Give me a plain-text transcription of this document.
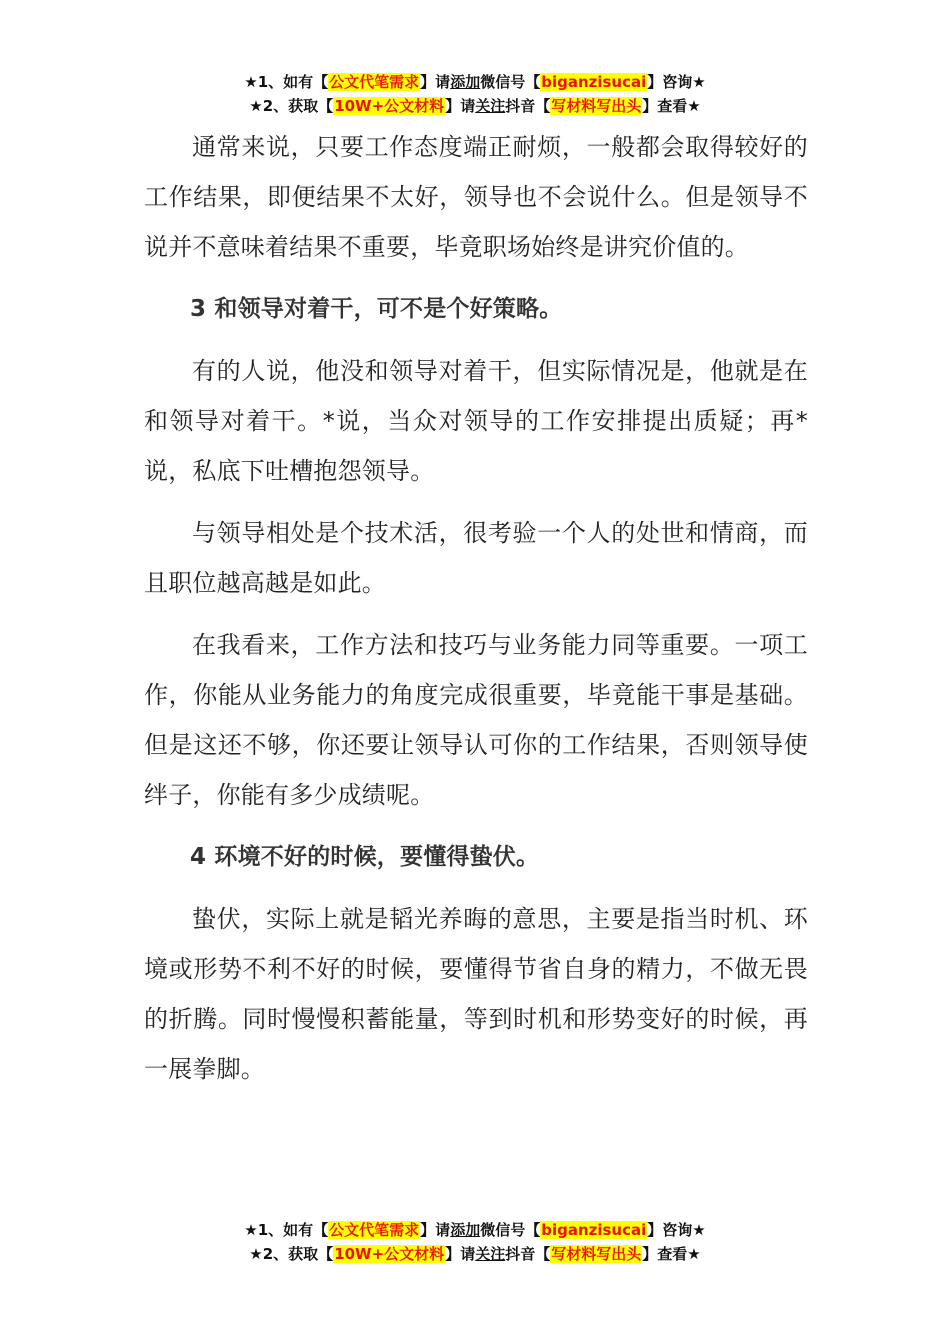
★1、如有【公文代笔需求】请添加微信号【biganzisucai】咨询★
★2、获取【10W+公文材料】请关注抖音【写材料写出头】查看★

通常来说，只要工作态度端正耐烦，一般都会取得较好的工作结果，即便结果不太好，领导也不会说什么。但是领导不说并不意味着结果不重要，毕竟职场始终是讲究价值的。

3 和领导对着干，可不是个好策略。

有的人说，他没和领导对着干，但实际情况是，他就是在和领导对着干。*说，当众对领导的工作安排提出质疑；再*说，私底下吐槽抱怨领导。

与领导相处是个技术活，很考验一个人的处世和情商，而且职位越高越是如此。

在我看来，工作方法和技巧与业务能力同等重要。一项工作，你能从业务能力的角度完成很重要，毕竟能干事是基础。但是这还不够，你还要让领导认可你的工作结果，否则领导使绊子，你能有多少成绩呢。

4 环境不好的时候，要懂得蛰伏。

蛰伏，实际上就是韬光养晦的意思，主要是指当时机、环境或形势不利不好的时候，要懂得节省自身的精力，不做无畏的折腾。同时慢慢积蓄能量，等到时机和形势变好的时候，再一展拳脚。

★1、如有【公文代笔需求】请添加微信号【biganzisucai】咨询★
★2、获取【10W+公文材料】请关注抖音【写材料写出头】查看★
